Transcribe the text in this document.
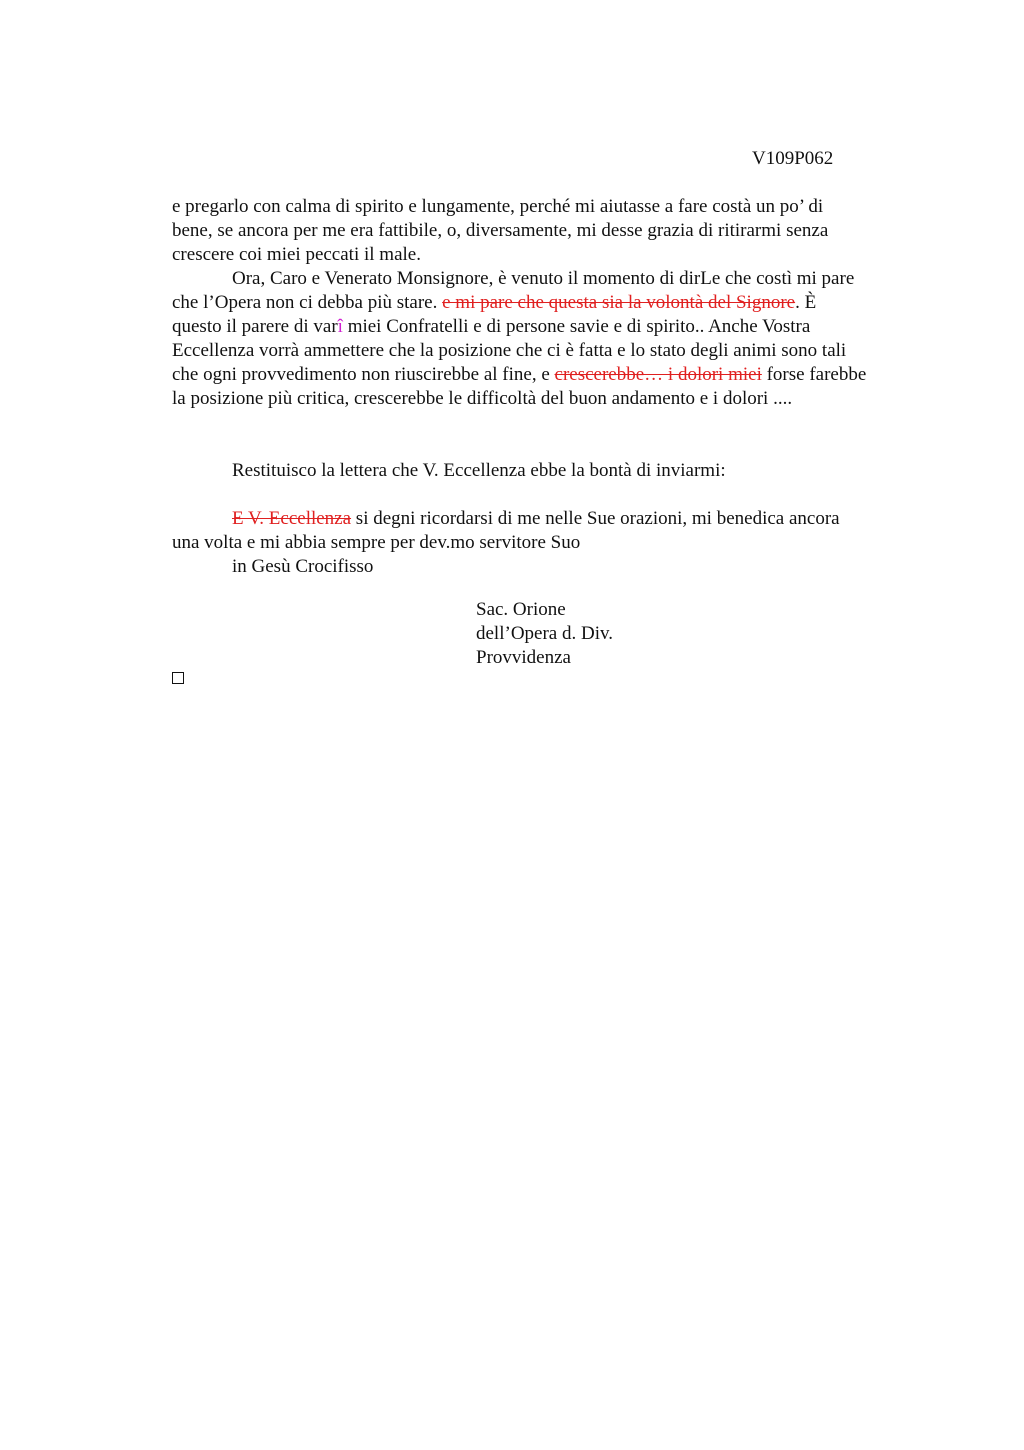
V109P062
e pregarlo con calma di spirito e lungamente, perché mi aiutasse a fare costà un po’ di
bene, se ancora per me era fattibile, o, diversamente, mi desse grazia di ritirarmi senza
crescere coi miei peccati il male.
Ora, Caro e Venerato Monsignore, è venuto il momento di dirLe che costì mi pare
che l’Opera non ci debba più stare. e mi pare che questa sia la volontà del Signore. È
questo il parere di varî miei Confratelli e di persone savie e di spirito.. Anche Vostra
Eccellenza vorrà ammettere che la posizione che ci è fatta e lo stato degli animi sono tali
che ogni provvedimento non riuscirebbe al fine, e crescerebbe… i dolori miei forse farebbe
la posizione più critica, crescerebbe le difficoltà del buon andamento e i dolori ....
Restituisco la lettera che V. Eccellenza ebbe la bontà di inviarmi:
E V. Eccellenza si degni ricordarsi di me nelle Sue orazioni, mi benedica ancora
una volta e mi abbia sempre per dev.mo servitore Suo
in Gesù Crocifisso
Sac. Orione
dell’Opera d. Div.
Provvidenza
